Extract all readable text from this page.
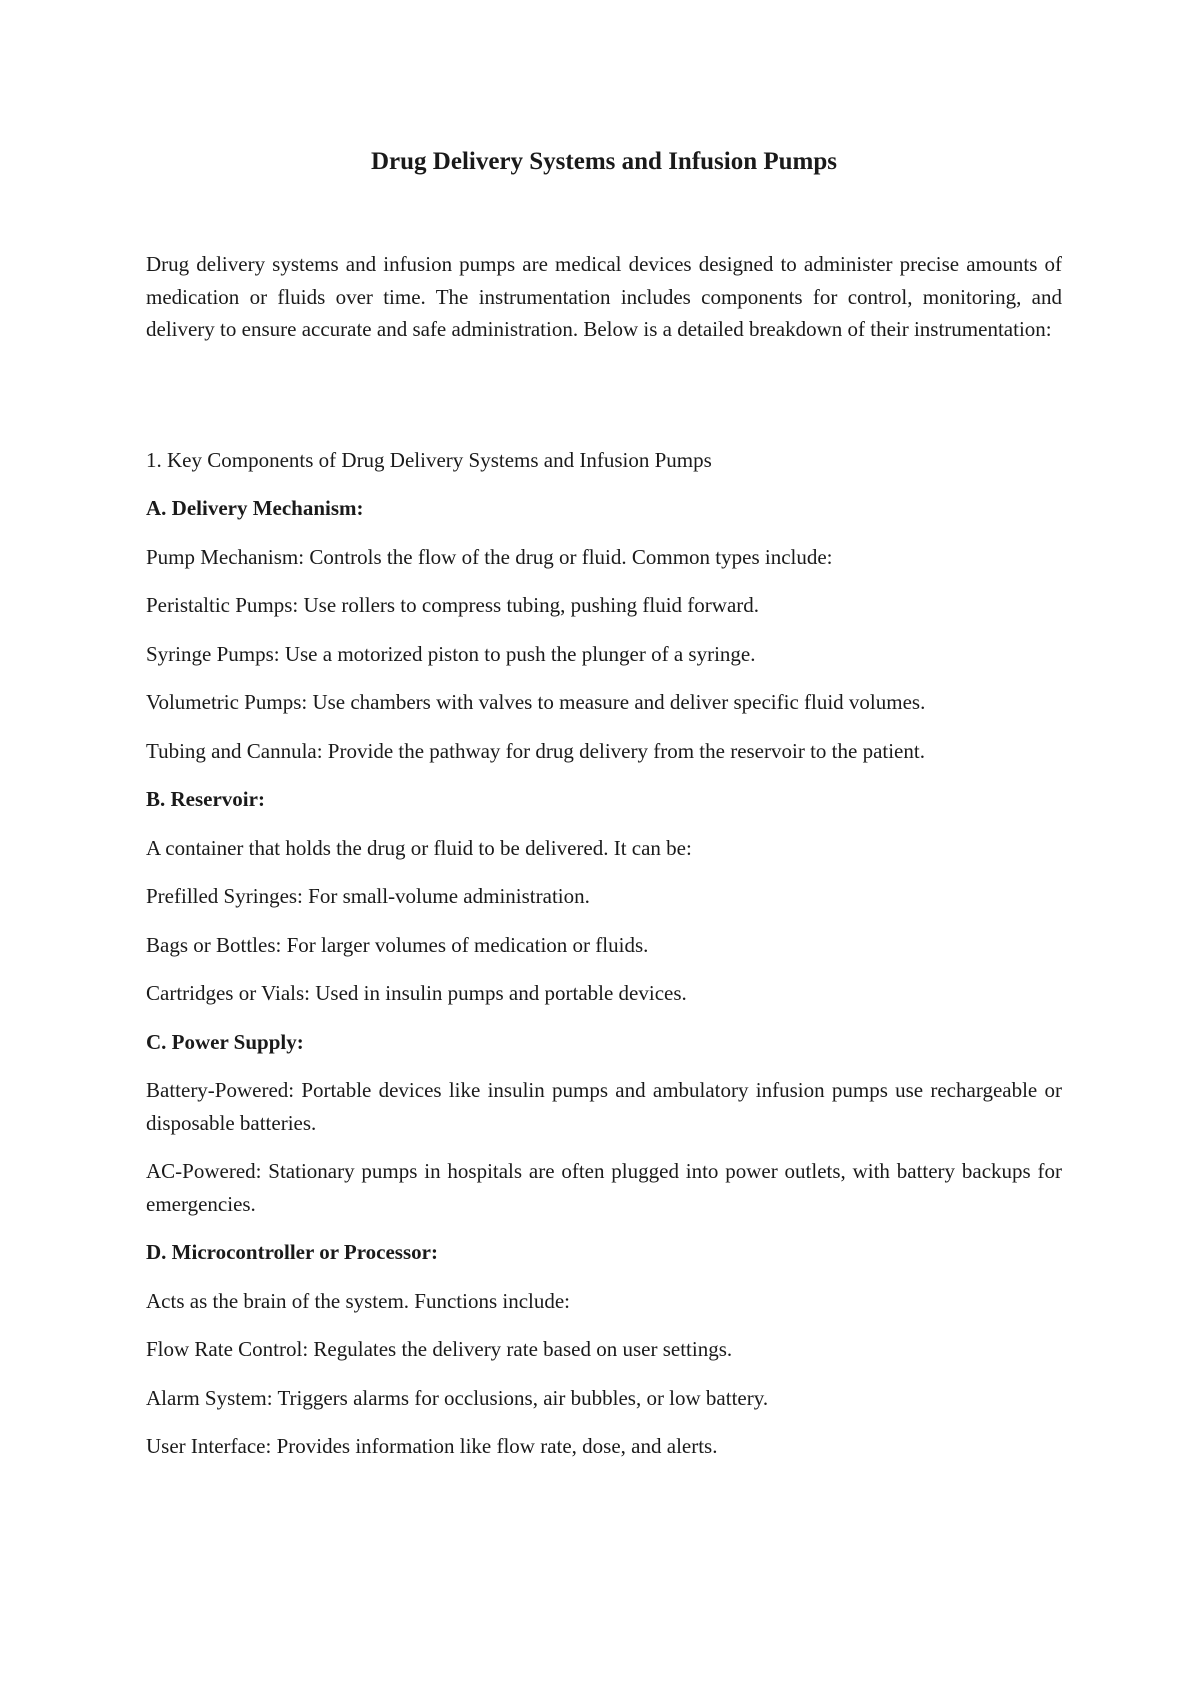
Drug Delivery Systems and Infusion Pumps

Drug delivery systems and infusion pumps are medical devices designed to administer precise amounts of medication or fluids over time. The instrumentation includes components for control, monitoring, and delivery to ensure accurate and safe administration. Below is a detailed breakdown of their instrumentation:

1. Key Components of Drug Delivery Systems and Infusion Pumps

A. Delivery Mechanism:

Pump Mechanism: Controls the flow of the drug or fluid. Common types include:

Peristaltic Pumps: Use rollers to compress tubing, pushing fluid forward.

Syringe Pumps: Use a motorized piston to push the plunger of a syringe.

Volumetric Pumps: Use chambers with valves to measure and deliver specific fluid volumes.

Tubing and Cannula: Provide the pathway for drug delivery from the reservoir to the patient.

B. Reservoir:

A container that holds the drug or fluid to be delivered. It can be:

Prefilled Syringes: For small-volume administration.

Bags or Bottles: For larger volumes of medication or fluids.

Cartridges or Vials: Used in insulin pumps and portable devices.

C. Power Supply:

Battery-Powered: Portable devices like insulin pumps and ambulatory infusion pumps use rechargeable or disposable batteries.

AC-Powered: Stationary pumps in hospitals are often plugged into power outlets, with battery backups for emergencies.

D. Microcontroller or Processor:

Acts as the brain of the system. Functions include:

Flow Rate Control: Regulates the delivery rate based on user settings.

Alarm System: Triggers alarms for occlusions, air bubbles, or low battery.

User Interface: Provides information like flow rate, dose, and alerts.
